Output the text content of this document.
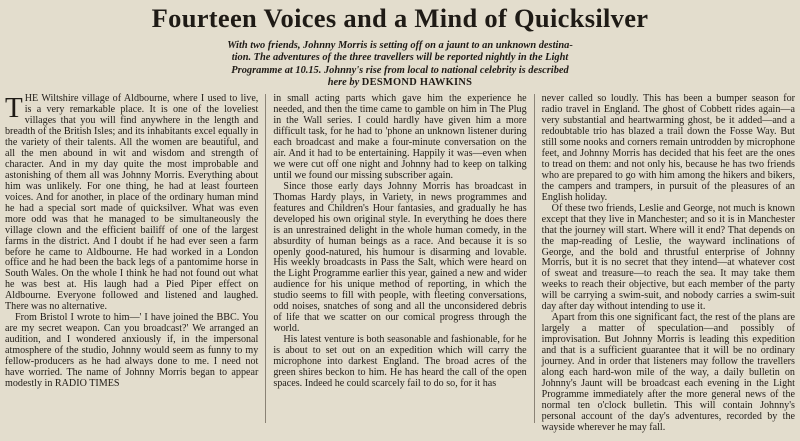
Fourteen Voices and a Mind of Quicksilver

With two friends, Johnny Morris is setting off on a jaunt to an unknown destina-
tion. The adventures of the three travellers will be reported nightly in the Light
Programme at 10.15. Johnny's rise from local to national celebrity is described
here by DESMOND HAWKINS

THE Wiltshire village of Aldbourne, where I used to live, is a very remarkable place. It is one of the loveliest villages that you will find anywhere in the length and breadth of the British Isles; and its inhabitants excel equally in the variety of their talents. All the women are beautiful, and all the men abound in wit and wisdom and strength of character. And in my day quite the most improbable and astonishing of them all was Johnny Morris. Everything about him was unlikely. For one thing, he had at least fourteen voices. And for another, in place of the ordinary human mind he had a special sort made of quicksilver. What was even more odd was that he managed to be simultaneously the village clown and the efficient bailiff of one of the largest farms in the district. And I doubt if he had ever seen a farm before he came to Aldbourne. He had worked in a London office and he had been the back legs of a pantomime horse in South Wales. On the whole I think he had not found out what he was best at. His laugh had a Pied Piper effect on Aldbourne. Everyone followed and listened and laughed. There was no alternative.

From Bristol I wrote to him—' I have joined the BBC. You are my secret weapon. Can you broadcast?' We arranged an audition, and I wondered anxiously if, in the impersonal atmosphere of the studio, Johnny would seem as funny to my fellow-producers as he had always done to me. I need not have worried. The name of Johnny Morris began to appear modestly in RADIO TIMES

in small acting parts which gave him the experience he needed, and then the time came to gamble on him in The Plug in the Wall series. I could hardly have given him a more difficult task, for he had to 'phone an unknown listener during each broadcast and make a four-minute conversation on the air. And it had to be entertaining. Happily it was—even when we were cut off one night and Johnny had to keep on talking until we found our missing subscriber again.

Since those early days Johnny Morris has broadcast in Thomas Hardy plays, in Variety, in news programmes and features and Children's Hour fantasies, and gradually he has developed his own original style. In everything he does there is an unrestrained delight in the whole human comedy, in the absurdity of human beings as a race. And because it is so openly good-natured, his humour is disarming and lovable. His weekly broadcasts in Pass the Salt, which were heard on the Light Programme earlier this year, gained a new and wider audience for his unique method of reporting, in which the studio seems to fill with people, with fleeting conversations, odd noises, snatches of song and all the unconsidered debris of life that we scatter on our comical progress through the world.

His latest venture is both seasonable and fashionable, for he is about to set out on an expedition which will carry the microphone into darkest England. The broad acres of the green shires beckon to him. He has heard the call of the open spaces. Indeed he could scarcely fail to do so, for it has

never called so loudly. This has been a bumper season for radio travel in England. The ghost of Cobbett rides again—a very substantial and heartwarming ghost, be it added—and a redoubtable trio has blazed a trail down the Fosse Way. But still some nooks and corners remain untrodden by microphone feet, and Johnny Morris has decided that his feet are the ones to tread on them: and not only his, because he has two friends who are prepared to go with him among the hikers and bikers, the campers and trampers, in pursuit of the pleasures of an English holiday.

Of these two friends, Leslie and George, not much is known except that they live in Manchester; and so it is in Manchester that the journey will start. Where will it end? That depends on the map-reading of Leslie, the wayward inclinations of George, and the bold and thrustful enterprise of Johnny Morris, but it is no secret that they intend—at whatever cost of sweat and treasure—to reach the sea. It may take them weeks to reach their objective, but each member of the party will be carrying a swim-suit, and nobody carries a swim-suit day after day without intending to use it.

Apart from this one significant fact, the rest of the plans are largely a matter of speculation—and possibly of improvisation. But Johnny Morris is leading this expedition and that is a sufficient guarantee that it will be no ordinary journey. And in order that listeners may follow the travellers along each hard-won mile of the way, a daily bulletin on Johnny's Jaunt will be broadcast each evening in the Light Programme immediately after the more general news of the normal ten o'clock bulletin. This will contain Johnny's personal account of the day's adventures, recorded by the wayside wherever he may fall.
